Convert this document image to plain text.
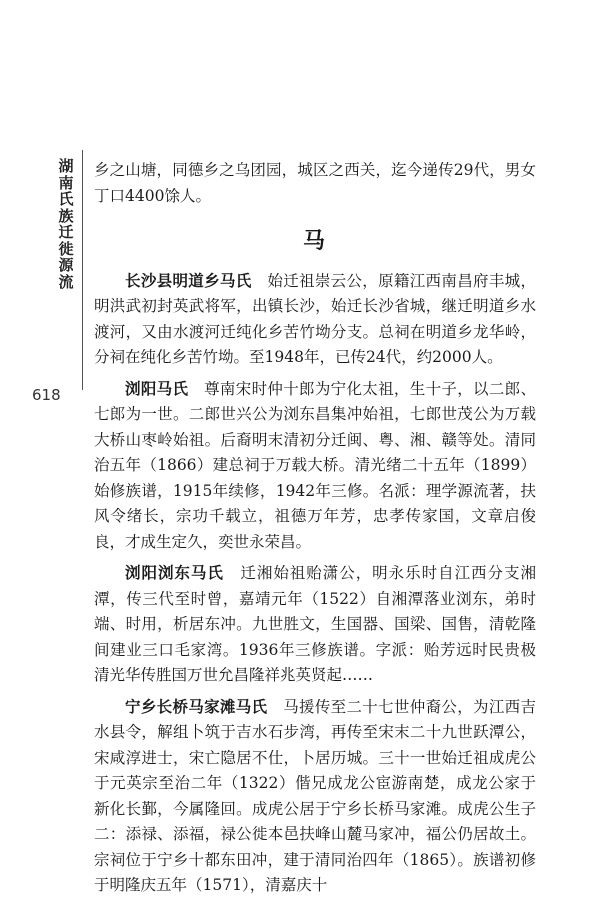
湖南氏族迁徙源流
618

乡之山塘，同德乡之乌团园，城区之西关，迄今递传29代，男女丁口4400馀人。

马

长沙县明道乡马氏　 始迁祖崇云公，原籍江西南昌府丰城，明洪武初封英武将军，出镇长沙，始迁长沙省城，继迁明道乡水渡河，又由水渡河迁纯化乡苦竹坳分支。总祠在明道乡龙华岭，分祠在纯化乡苦竹坳。至1948年，已传24代，约2000人。

浏阳马氏　 尊南宋时仲十郎为宁化太祖，生十子，以二郎、七郎为一世。二郎世兴公为浏东昌集冲始祖，七郎世茂公为万载大桥山枣岭始祖。后裔明末清初分迁闽、粤、湘、赣等处。清同治五年（1866）建总祠于万载大桥。清光绪二十五年（1899）始修族谱，1915年续修，1942年三修。名派：理学源流著，扶风令绪长，宗功千载立，祖德万年芳，忠孝传家国，文章启俊良，才成生定久，奕世永荣昌。

浏阳浏东马氏　 迁湘始祖贻潇公，明永乐时自江西分支湘潭，传三代至时曾，嘉靖元年（1522）自湘潭落业浏东，弟时端、时用，析居东冲。九世胜文，生国器、国梁、国售，清乾隆间建业三口毛家湾。1936年三修族谱。字派：贻芳远时民贵极清光华传胜国万世允昌隆祥兆英贤起……

宁乡长桥马家滩马氏　 马援传至二十七世仲裔公，为江西吉水县令，解组卜筑于吉水石步湾，再传至宋末二十九世跃潭公，宋咸淳进士，宋亡隐居不仕，卜居历城。三十一世始迁祖成虎公于元英宗至治二年（1322）偕兄成龙公宦游南楚，成龙公家于新化长鄞，今属隆回。成虎公居于宁乡长桥马家滩。成虎公生子二：添禄、添福，禄公徙本邑扶峰山麓马家冲，福公仍居故土。宗祠位于宁乡十都东田冲，建于清同治四年（1865）。族谱初修于明隆庆五年（1571），清嘉庆十
